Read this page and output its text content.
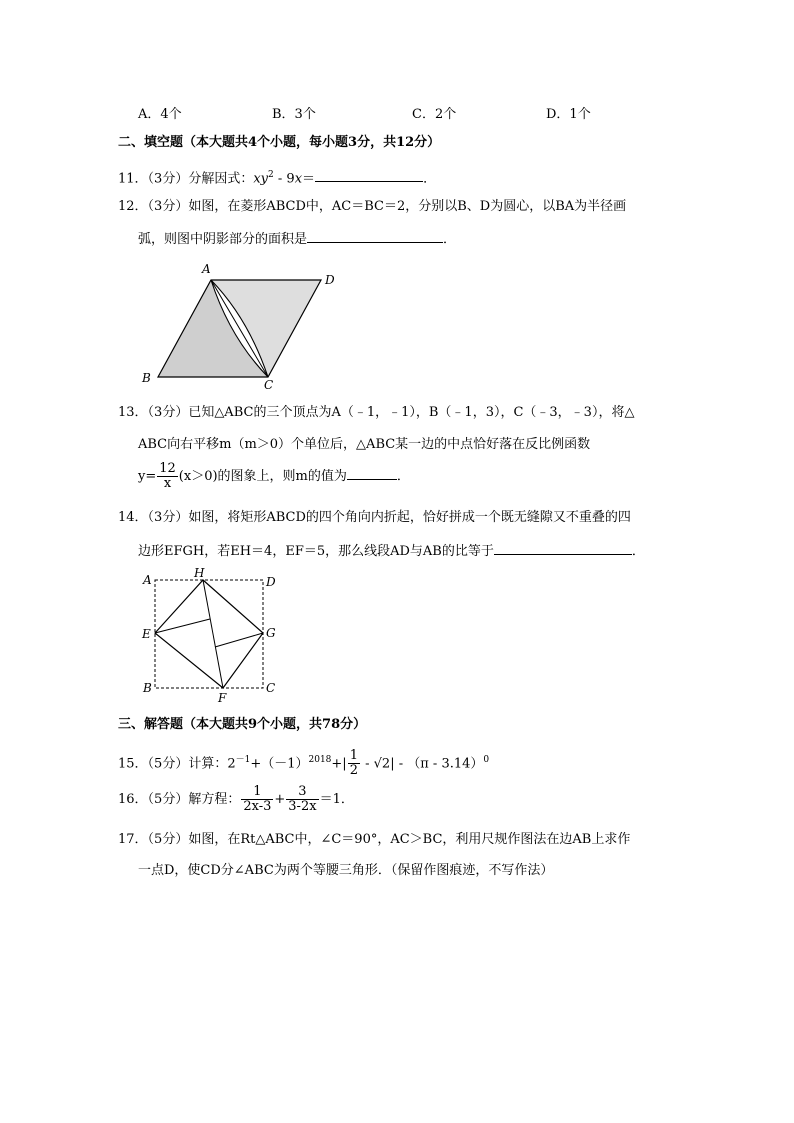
A．4个	B．3个	C．2个	D．1个
二、填空题（本大题共4个小题，每小题3分，共12分）
11．（3分）分解因式：$xy^2 - 9x=$	．
12．（3分）如图，在菱形ABCD中，AC＝BC＝2，分别以B、D为圆心，以BA为半径画
弧，则图中阴影部分的面积是	．
A
D
B	C
13．（3分）已知△ABC的三个顶点为A（﹣1，﹣1），B（﹣1，3），C（﹣3，﹣3），将△
ABC向右平移m（m＞0）个单位后，△ABC某一边的中点恰好落在反比例函数
$y= \frac{12}{x} (x>0)$的图象上，则m的值为	．
14．（3分）如图，将矩形ABCD的四个角向内折起，恰好拼成一个既无缝隙又不重叠的四
边形EFGH，若EH＝4，EF＝5，那么线段AD与AB的比等于	．
A	H
D
E	G
B
F
C
三、解答题（本大题共9个小题，共78分）
15．（5分）计算：$2^{-1}+(-1)^{2018}+| \frac{1}{2} - √2| - (\pi - 3.14)^0$
16．（5分）解方程： $\frac{1}{2x-3} + \frac{3}{3-2x} =1$．
17．（5分）如图，在Rt△ABC中，∠C＝90°，AC＞BC，利用尺规作图法在边AB上求作
一点D，使CD分∠ABC为两个等腰三角形．（保留作图痕迹，不写作法）
